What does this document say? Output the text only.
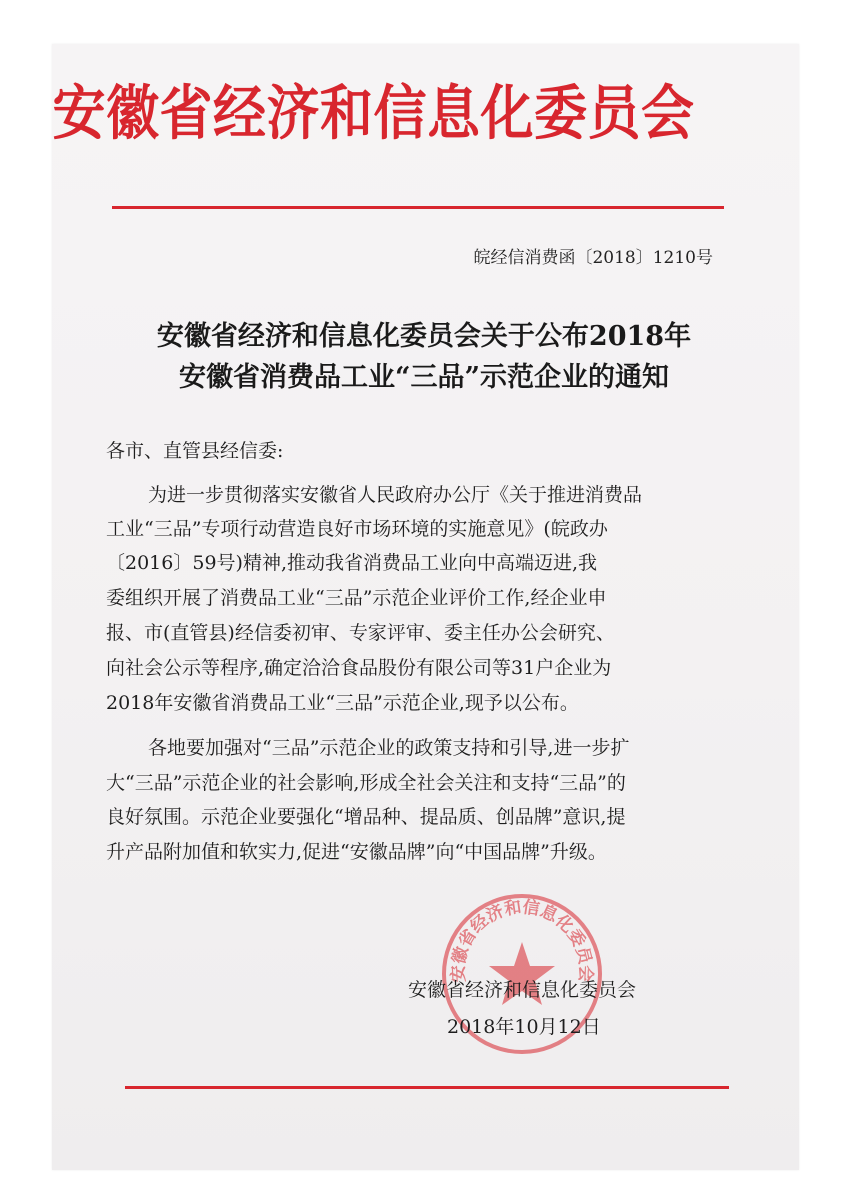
安徽省经济和信息化委员会
皖经信消费函〔2018〕1210号
安徽省经济和信息化委员会关于公布2018年
安徽省消费品工业“三品”示范企业的通知
各市、直管县经信委:
为进一步贯彻落实安徽省人民政府办公厅《关于推进消费品
工业“三品”专项行动营造良好市场环境的实施意见》(皖政办
〔2016〕59号)精神,推动我省消费品工业向中高端迈进,我
委组织开展了消费品工业“三品”示范企业评价工作,经企业申
报、市(直管县)经信委初审、专家评审、委主任办公会研究、
向社会公示等程序,确定洽洽食品股份有限公司等31户企业为
2018年安徽省消费品工业“三品”示范企业,现予以公布。
各地要加强对“三品”示范企业的政策支持和引导,进一步扩
大“三品”示范企业的社会影响,形成全社会关注和支持“三品”的
良好氛围。示范企业要强化“增品种、提品质、创品牌”意识,提
升产品附加值和软实力,促进“安徽品牌”向“中国品牌”升级。
安徽省经济和信息化委员会
安徽省经济和信息化委员会
2018年10月12日
